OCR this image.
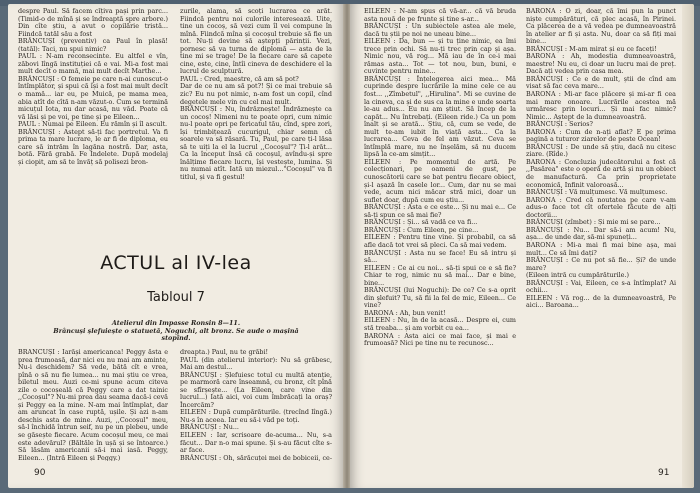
despre Paul. Să facem cîțiva pași prin parc... (Timid-o de mînă și se îndreaptă spre arbore.) Din cîte știu, a avut o copilărie tristă... Fiindcă tatăl său a fost

BRÂNCUȘI (preventiv) ca Paul în plasă! (tatăl): Taci, nu spui nimic?

PAUL : N-am reconsecinte. Eu altfel e vîn, zăbovi lîngă instituției că e vai. Mi-a fost mai mult decît o mamă, mai mult decît Marthe...

BRÂNCUȘI : O femeie pe care n-ai cunoscut-o întîmplător, și spui că își a fost mai mult decît o mamă... iar eu, pe Muică, pe mama mea, abia atît de cîtă n-am văzut-o. Cum se termină micuțul Iota, nu dar acasă, nu văd. Poate că vă lăsi și pe voi, pe tine și pe Eileen...

PAUL : Numai pe Eileen. Eu rămîn și îl ascult.

BRÂNCUȘI : Astept să-ți fac portretul. Va fi prima ta mare lucrare, le ar fi de diploma, eu care să intrăm în lagăna nostră. Dar, asta, botă. Fără grabă. Fe Indelete. După modelaj și ciopit, am să te învăț să polisezi bron-

zurile, alama, să scoți lucrarea ce arăt. Fiindcă pentru noi culorile interesează. Uite, tine un cocoș, să vezi cum îl vei compune în mînă. Fiindcă mîna și cocoșul trebuie să fie un tot. Nu-ți devine să aștepți părinții. Vezi, pornesc să va turna de diplomă — asta de la tine mi se trage! De la fiecare care să capete cine, este, cine, întîi cineva de deschidere el la lucrul de sculptură.

PAUL : Cred, maestre, că am să pot?

Dar de ce nu am să pot?! Și ce mai trebuie să zic? Eu nu pot nimic, n-am fost un copil, cînd degetele mele vin cu cel mai mult.

BRÂNCUȘI : Nu, îndrăznește! Îndrăznește ca un cocoș! Nimeni nu te poate opri, cum nimic nu-l poate opri pe fericatul tău, cînd, spre zori, își trimbițează cucurigul, chiar semn că soarele va să răsară. Tu, Paul, pe care ți-l lăsa să te uiți la el la lucrul ,,Cocoșul"? Ți-l arăt... Ca la început însă că cocoșul, avîndu-și spre înălțime fiecare lucru, își vestește, lumina. Și nu numai atît. Iată un miezul..."Cocoșul" va fi titlul, și va fi gestul!

ACTUL al IV-lea
Tabloul 7
Atelierul din Impasse Ronsin 8—11.
Brâncuși șlefuiește o statuetă, Noguchi, alt bronz. Se aude o mașină stopînd.

BRÂNCUȘI : Iarăși americanca! Peggy ăsta e prea frumoasă, dar nici eu nu mai am aminte, Nu-i deschidem? Să vede, bătă cît e vrea, pînă o să nu fie lumea... nu mai știu ce vrea, biletul meu. Auzi ce-mi spune acum citeva zile o cocoșeală că Peggy care a dat tainic ,,Cocoșul"? Nu-mi prea dau seama dacă-i cevă și Peggy ea la mine. N-am mai întîmplat, dar am aruncat în case ruptă, ușile. Și azi n-am deschis asta de mine. Auzi, ,,Cocoșul" meu, să-l închidă întrun seif, nu pe un plebeu, unde se găsește fiecare. Acum cocoșul meu, ce mai este adevărul? (Băltăle în ușă și se întoarce.) Să lăsăm americanii să-i mai iasă. Peggy, Eileen... (Intră Eileen și Peggy.)

dreapta.) Paul, nu te grăbi!

PAUL (din atelierul interior): Nu să grăbesc, Mai am destul...

BRÂNCUȘI : Șlefuiesc totul cu multă atenție, pe marmoră care înseamnă, cu bronz, cît pînă se sfîrșește... (La Eileen, care vine din lucrul...) Iată aici, voi cum îmbrăcați la oraș? Încercăm?

EILEEN : După cumpărăturile. (trecînd lîngă.) Nu-s în aceea. Iar eu să-i văd pe toți.

BRÂNCUȘI : Nu...

EILEEN : Iar, scrisoare de-acuma... Nu, s-a făcut... Dar n-o mai spune. Și s-au făcut cîte s-ar face.

BRÂNCUȘI : Oh, sărăcuței mei de bobiceii, ce-

90

EILEEN : N-am spus că vă-ar... că vă bruda asta nouă de pe frunte și tine s-ar...

BRÂNCUȘI : Un subiectele astea ale mele, dacă tu știi pe noi ne uneau bine...

EILEEN : Da, bun — și tu ține nimic, ea îmi trece prin ochi. Să nu-ți trec prin cap și așa. Nimic nou, vă rog... Mă iau de în ce-i mai rămas asta... Tot — tot nou, bun, buni, e cuvinte pentru mine...

BRÂNCUȘI : Înțelegerea aici mea... Mă cuprinde despre lucrările la mine cele ce au fost... ,,Zîmbetul", ,,Hirulina". Mi se cuvine de la cineva, ca și de sus ca la mine e unde soarta le-au adus... Eu nu am știut. Să încep de la capăt... Nu întrebați. (Eileen ride.) Ca un pom înalt și se arată... Știu, că, cum se vede, de mult te-am iubit în viață asta... Ca la lucrarea... Ceva de fel am văzut. Ceva se întîmplă mare, nu ne înșelăm, să nu ducem lipsă la ce-am simțit...

EILEEN : Pe momentul de artă. Pe colecționari, pe oameni de gust, pe cunoscătorii care se bat pentru fiecare obiect, și-l așază în casele lor... Cum, dar nu se mai vede, acum nici măcar stră mici, doar un suflet doar, după cum eu știu...

BRÂNCUȘI : Asta e ce este... Și nu mai e... Ce să-ți spun ce să mai fie?

BRÂNCUȘI : Și... să vadă ce va fi...

BRÂNCUȘI : Cum Eileen, pe cine...

EILEEN : Pentru tine vine. Și probabil, ca să afle dacă tot vrei să pleci. Ca să mai vedem.

BRÂNCUȘI : Asta nu se face! Eu să intru și să...

EILEEN : Ce ai cu noi... să-ți spui ce e să fie? Chiar te rog, nimic nu să mai... Dar e bine, bine...

BRÂNCUȘI (lui Noguchi): De ce? Ce s-a oprit din șlefuit? Tu, să fii la fel de mic, Eileen... Ce vine?

BARONA : Ah, bun venit!

EILEEN : Nu, în de la acasă... Despre ei, cum stă treaba... și am vorbit cu ea...

BARONA : Asta aici ce mai face, și mai e frumoasă? Nici pe tine nu te recunosc...

BARONA : O zi, doar, că îmi pun la punct niște cumpărături, că plec acasă, în Pirinei. Ca plăcerea de a vă vedea pe dumneavoastră în atelier ar fi și asta. Nu, doar ca să fiți mai bine...

BRÂNCUȘI : M-am mirat și eu ce faceți!

BARONA : Ah, modestia dumneavoastră, maestre! Nu eu, ci doar un lucru mai de preț. Dacă ați vedea prin casa mea.

BRÂNCUȘI : Ce e de mult, știi de cînd am visat să fac ceva mare...

BARONA : Mi-ar face plăcere și mi-ar fi cea mai mare onoare. Lucrările acestea mă urmăresc prin locuri... Și mai fac nimic? Nimic... Aștept de la dumneavoastră.

BRÂNCUȘI : Serios?

BARONA : Cum de n-ați aflat? E pe prima pagină a tuturor ziarelor de peste Ocean!

BRÂNCUȘI : De unde să știu, dacă nu citesc ziare. (Rîde.)

BARONA : Concluzia judecătorului a fost că ,,Pasărea" este o operă de artă și nu un obiect de manufactură. Ca prin proprietate economică, Infinit valoroasă...

BRÂNCUȘI : Vă mulțumesc. Vă mulțumesc.

BARONA : Cred că noutatea pe care v-am adus-o face tot cît ofertele făcute de alți doctorii...

BRÂNCUȘI (zîmbet) : Și mie mi se pare...

BRÂNCUȘI : Nu... Dar să-i am acum! Nu, așa... de unde dar, să-mi spuneți...

BARONA : Mi-a mai fi mai bine așa, mai mult... Ce să îmi dați?

BRÂNCUȘI : Ce nu pot să fie... Și? de unde mare?

(Eileen intră cu cumpărăturile.)

BRÂNCUȘI : Vai, Eileen, ce s-a întîmplat? Ai ochii...

EILEEN : Vă rog... de la dumneavoastră, Pe aici... Baroana...

91
